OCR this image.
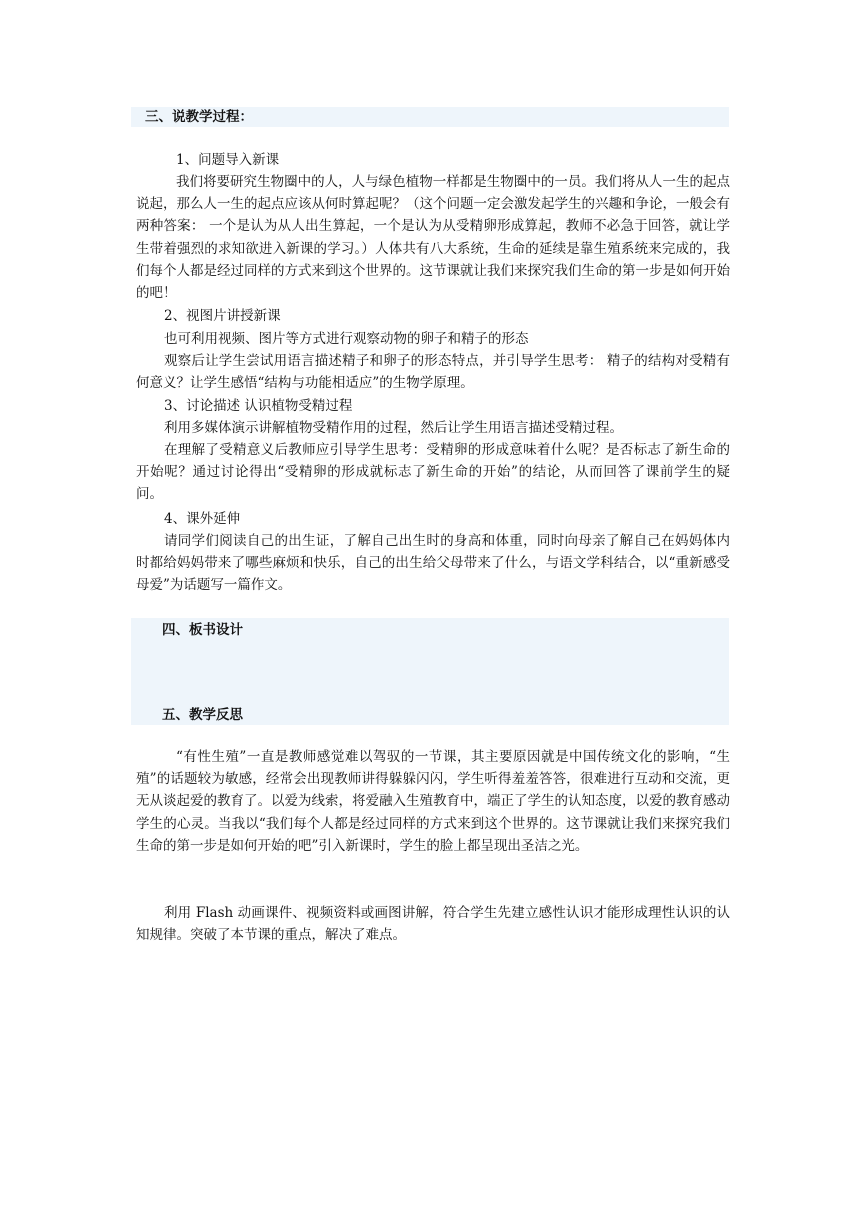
三、说教学过程：
1、问题导入新课
我们将要研究生物圈中的人，人与绿色植物一样都是生物圈中的一员。我们将从人一生的起点说起，那么人一生的起点应该从何时算起呢？（这个问题一定会激发起学生的兴趣和争论，一般会有两种答案： 一个是认为从人出生算起，一个是认为从受精卵形成算起，教师不必急于回答，就让学生带着强烈的求知欲进入新课的学习。）人体共有八大系统，生命的延续是靠生殖系统来完成的，我们每个人都是经过同样的方式来到这个世界的。这节课就让我们来探究我们生命的第一步是如何开始的吧！
2、视图片讲授新课
也可利用视频、图片等方式进行观察动物的卵子和精子的形态
观察后让学生尝试用语言描述精子和卵子的形态特点，并引导学生思考： 精子的结构对受精有何意义？让学生感悟“结构与功能相适应”的生物学原理。
3、讨论描述 认识植物受精过程
利用多媒体演示讲解植物受精作用的过程，然后让学生用语言描述受精过程。
在理解了受精意义后教师应引导学生思考：受精卵的形成意味着什么呢？是否标志了新生命的开始呢？通过讨论得出“受精卵的形成就标志了新生命的开始”的结论，从而回答了课前学生的疑问。
4、课外延伸
请同学们阅读自己的出生证，了解自己出生时的身高和体重，同时向母亲了解自己在妈妈体内时都给妈妈带来了哪些麻烦和快乐，自己的出生给父母带来了什么，与语文学科结合，以“重新感受母爱”为话题写一篇作文。
四、板书设计
五、教学反思
“有性生殖”一直是教师感觉难以驾驭的一节课，其主要原因就是中国传统文化的影响，“生殖”的话题较为敏感，经常会出现教师讲得躲躲闪闪，学生听得羞羞答答，很难进行互动和交流，更无从谈起爱的教育了。以爱为线索，将爱融入生殖教育中，端正了学生的认知态度，以爱的教育感动学生的心灵。当我以“我们每个人都是经过同样的方式来到这个世界的。这节课就让我们来探究我们生命的第一步是如何开始的吧”引入新课时，学生的脸上都呈现出圣洁之光。
利用 Flash 动画课件、视频资料或画图讲解，符合学生先建立感性认识才能形成理性认识的认知规律。突破了本节课的重点，解决了难点。
